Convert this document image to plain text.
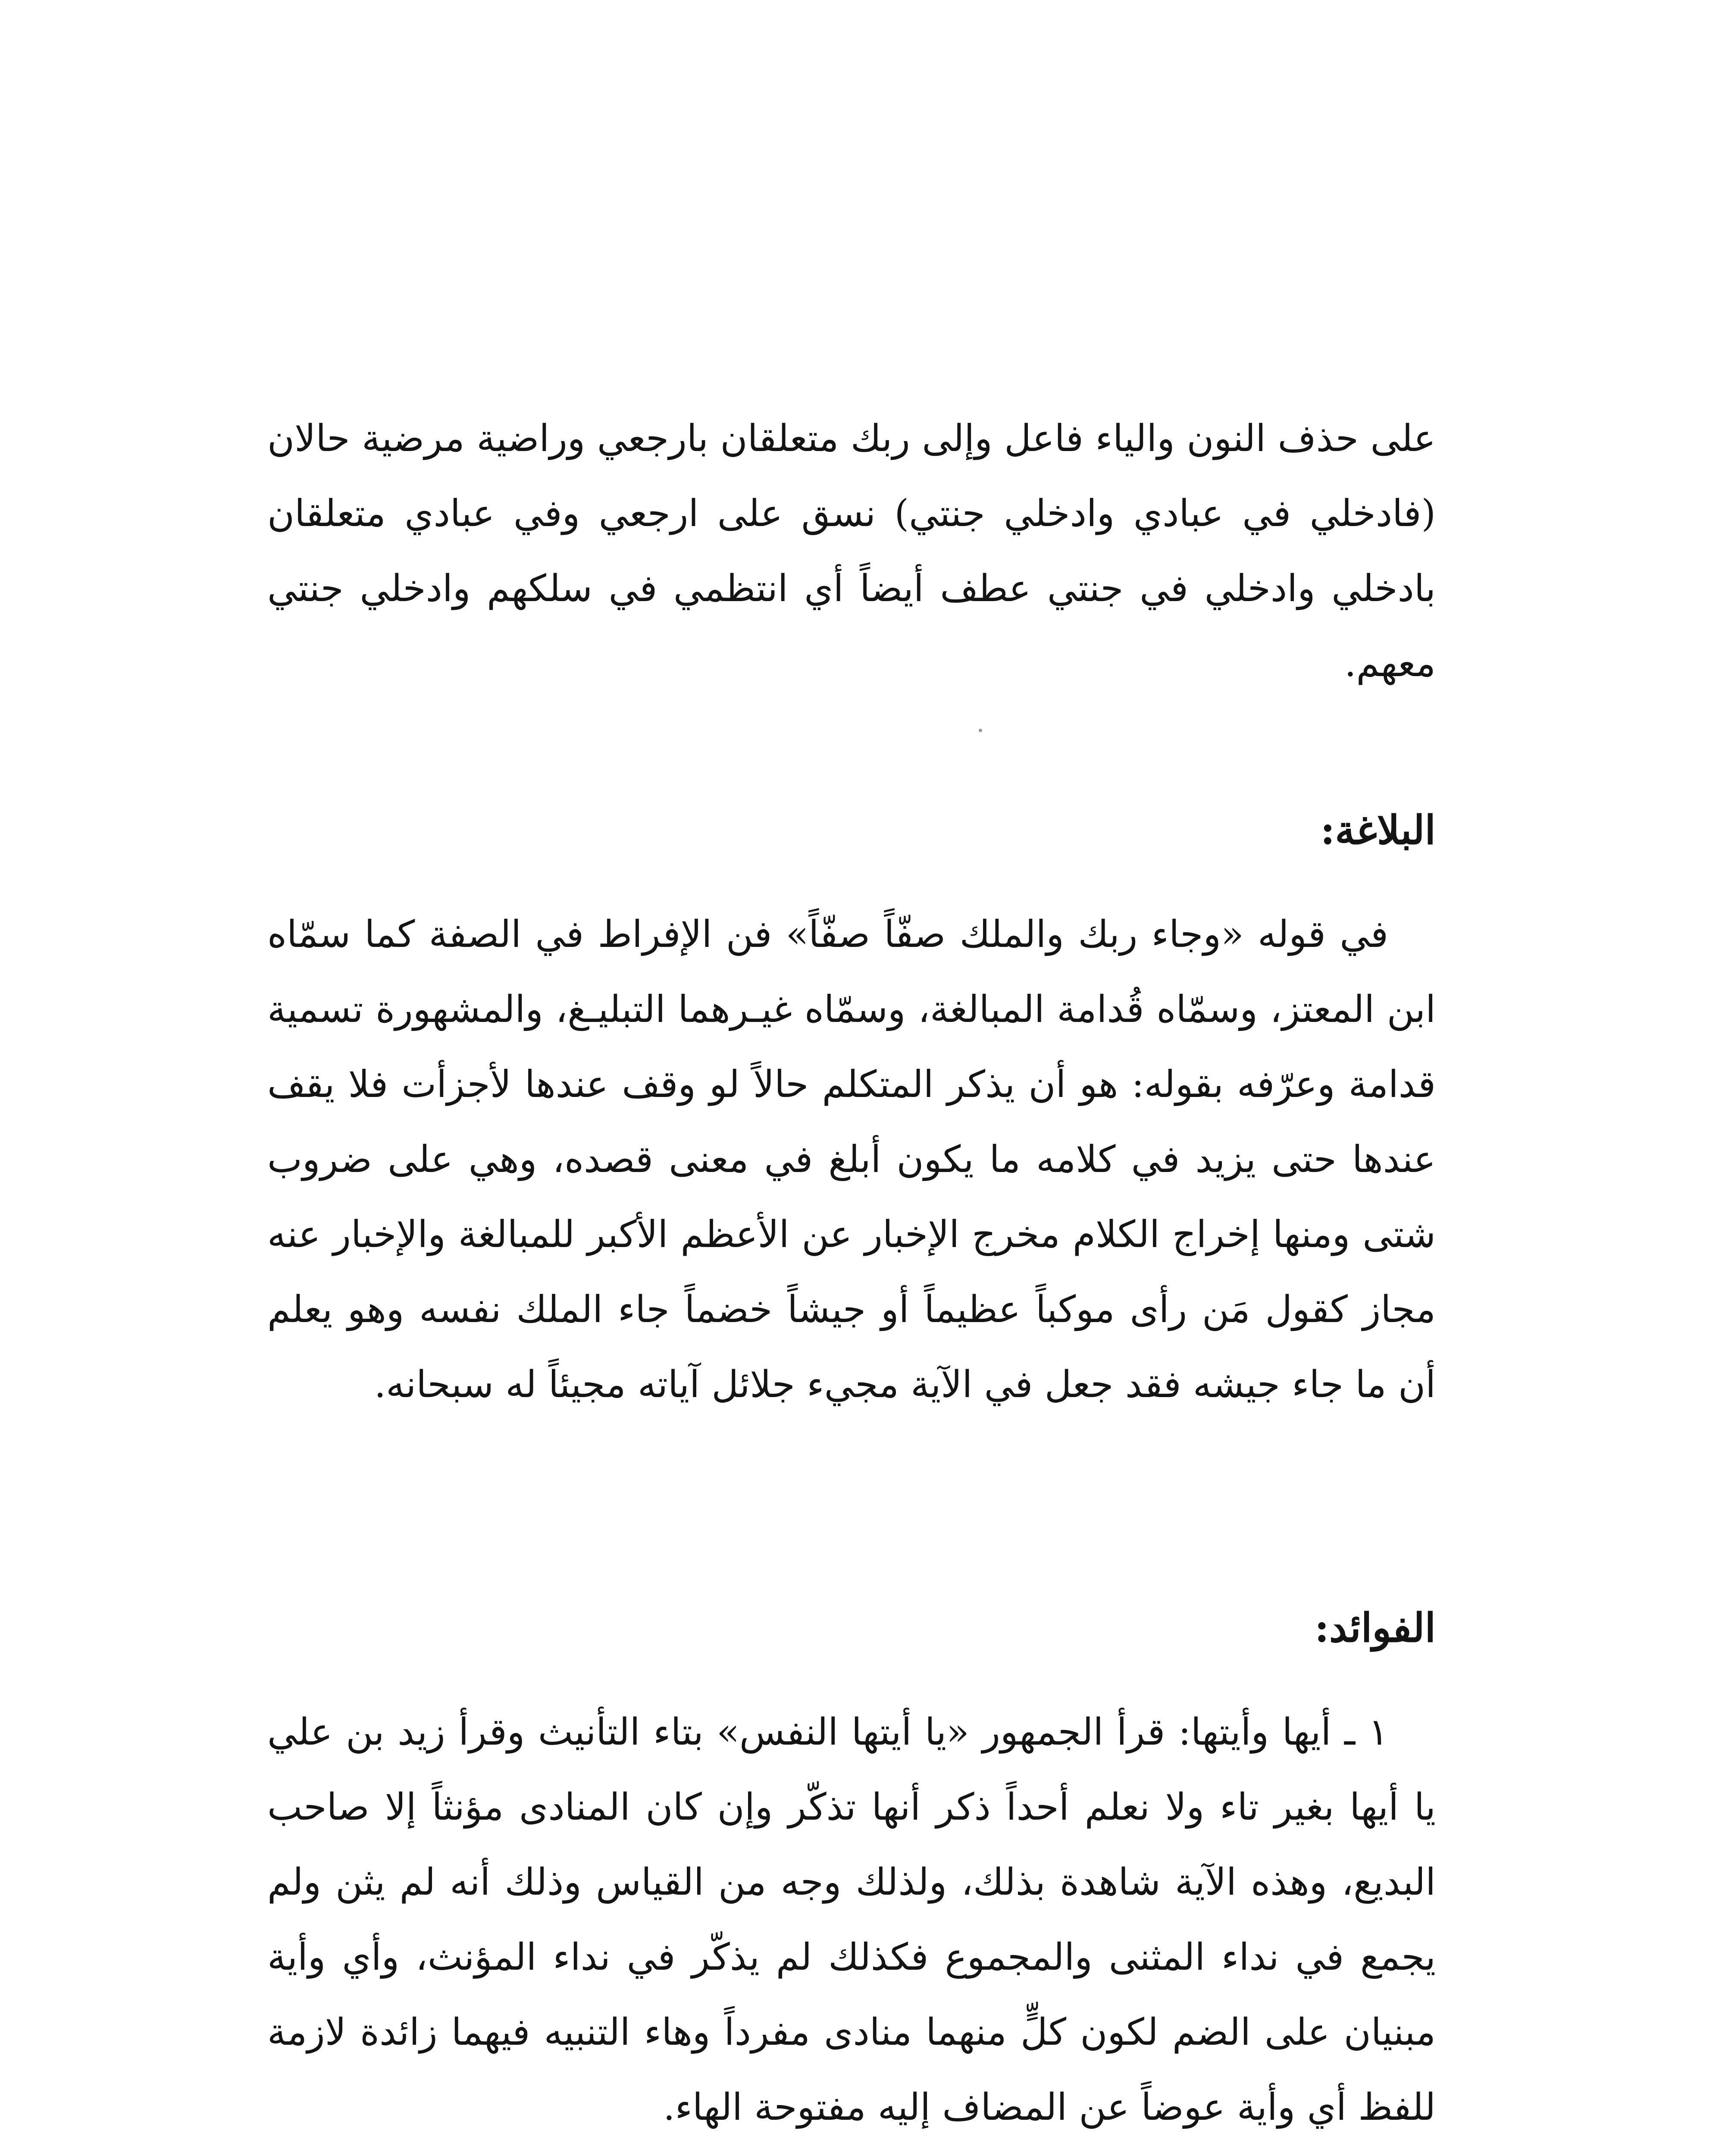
على حذف النون والياء فاعل وإلى ربك متعلقان بارجعي وراضية مرضية حالان (فادخلي في عبادي وادخلي جنتي) نسق على ارجعي وفي عبادي متعلقان بادخلي وادخلي في جنتي عطف أيضاً أي انتظمي في سلكهم وادخلي جنتي معهم.

البلاغة:

في قوله «وجاء ربك والملك صفّاً صفّاً» فن الإفراط في الصفة كما سمّاه ابن المعتز، وسمّاه قُدامة المبالغة، وسمّاه غيـرهما التبليـغ، والمشهورة تسمية قدامة وعرّفه بقوله: هو أن يذكر المتكلم حالاً لو وقف عندها لأجزأت فلا يقف عندها حتى يزيد في كلامه ما يكون أبلغ في معنى قصده، وهي على ضروب شتى ومنها إخراج الكلام مخرج الإخبار عن الأعظم الأكبر للمبالغة والإخبار عنه مجاز كقول مَن رأى موكباً عظيماً أو جيشاً خضماً جاء الملك نفسه وهو يعلم أن ما جاء جيشه فقد جعل في الآية مجيء جلائل آياته مجيئاً له سبحانه.

الفوائد:

١ ـ أيها وأيتها: قرأ الجمهور «يا أيتها النفس» بتاء التأنيث وقرأ زيد بن علي يا أيها بغير تاء ولا نعلم أحداً ذكر أنها تذكّر وإن كان المنادى مؤنثاً إلا صاحب البديع، وهذه الآية شاهدة بذلك، ولذلك وجه من القياس وذلك أنه لم يثن ولم يجمع في نداء المثنى والمجموع فكذلك لم يذكّر في نداء المؤنث، وأي وأية مبنيان على الضم لكون كلٍّ منهما منادى مفرداً وهاء التنبيه فيهما زائدة لازمة للفظ أي وأية عوضاً عن المضاف إليه مفتوحة الهاء.
